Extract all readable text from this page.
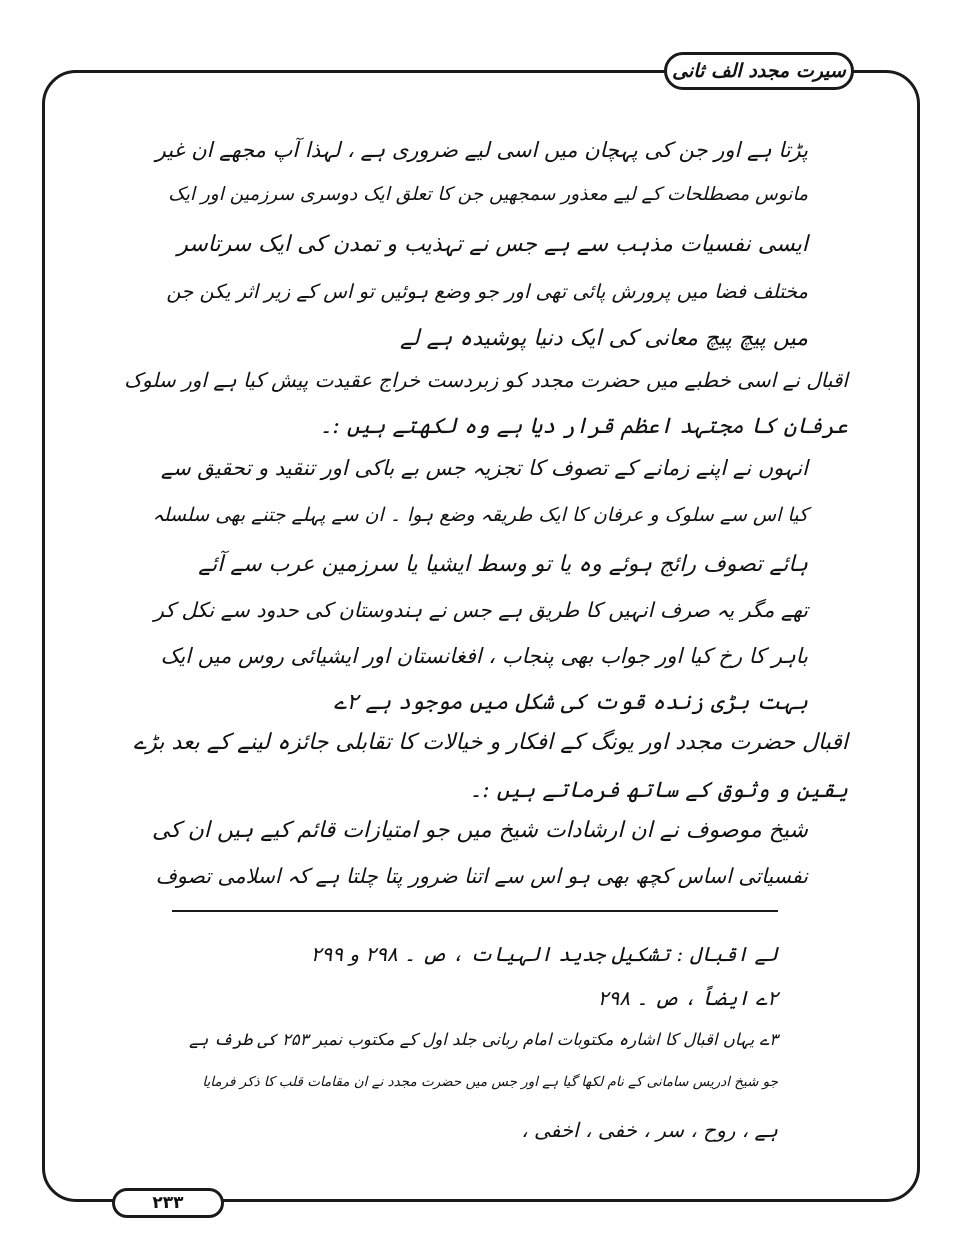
سیرت مجدد الف ثانی
پڑتا ہے اور جن کی پہچان میں اسی لیے ضروری ہے ، لہذا آپ مجھے ان غیر
مانوس مصطلحات کے لیے معذور سمجھیں جن کا تعلق ایک دوسری سرزمین اور ایک
ایسی نفسیات مذہب سے ہے جس نے تہذیب و تمدن کی ایک سرتاسر
مختلف فضا میں پرورش پائی تھی اور جو وضع ہوئیں تو اس کے زیر اثر یکن جن
میں پیچ پیچ معانی کی ایک دنیا پوشیدہ ہے لے
اقبال نے اسی خطبے میں حضرت مجدد کو زبردست خراج عقیدت پیش کیا ہے اور سلوک
عرفان کا مجتہد اعظم قرار دیا ہے وہ لکھتے ہیں :۔
انہوں نے اپنے زمانے کے تصوف کا تجزیہ جس بے باکی اور تنقید و تحقیق سے
کیا اس سے سلوک و عرفان کا ایک طریقہ وضع ہوا ۔ ان سے پہلے جتنے بھی سلسلہ
ہائے تصوف رائج ہوئے وہ یا تو وسط ایشیا یا سرزمین عرب سے آئے
تھے مگر یہ صرف انہیں کا طریق ہے جس نے ہندوستان کی حدود سے نکل کر
باہر کا رخ کیا اور جواب بھی پنجاب ، افغانستان اور ایشیائی روس میں ایک
بہت بڑی زندہ قوت کی شکل میں موجود ہے ٢ے
اقبال حضرت مجدد اور یونگ کے افکار و خیالات کا تقابلی جائزہ لینے کے بعد بڑے
یقین و وثوق کے ساتھ فرماتے ہیں :۔
شیخ موصوف نے ان ارشادات شیخ میں جو امتیازات قائم کیے ہیں ان کی
نفسیاتی اساس کچھ بھی ہو اس سے اتنا ضرور پتا چلتا ہے کہ اسلامی تصوف
لے اقبال : تشکیل جدید الہیات ، ص ۔ ۲۹۸ و ۲۹۹
٢ے ایضاً ، ص ۔ ۲۹۸
٣ے یہاں اقبال کا اشارہ مکتوبات امام ربانی جلد اول کے مکتوب نمبر ۲۵۳ کی طرف ہے
جو شیخ ادریس سامانی کے نام لکھا گیا ہے اور جس میں حضرت مجدد نے ان مقامات قلب کا ذکر فرمایا
ہے ، روح ، سر ، خفی ، اخفی ،
۲۳۳
